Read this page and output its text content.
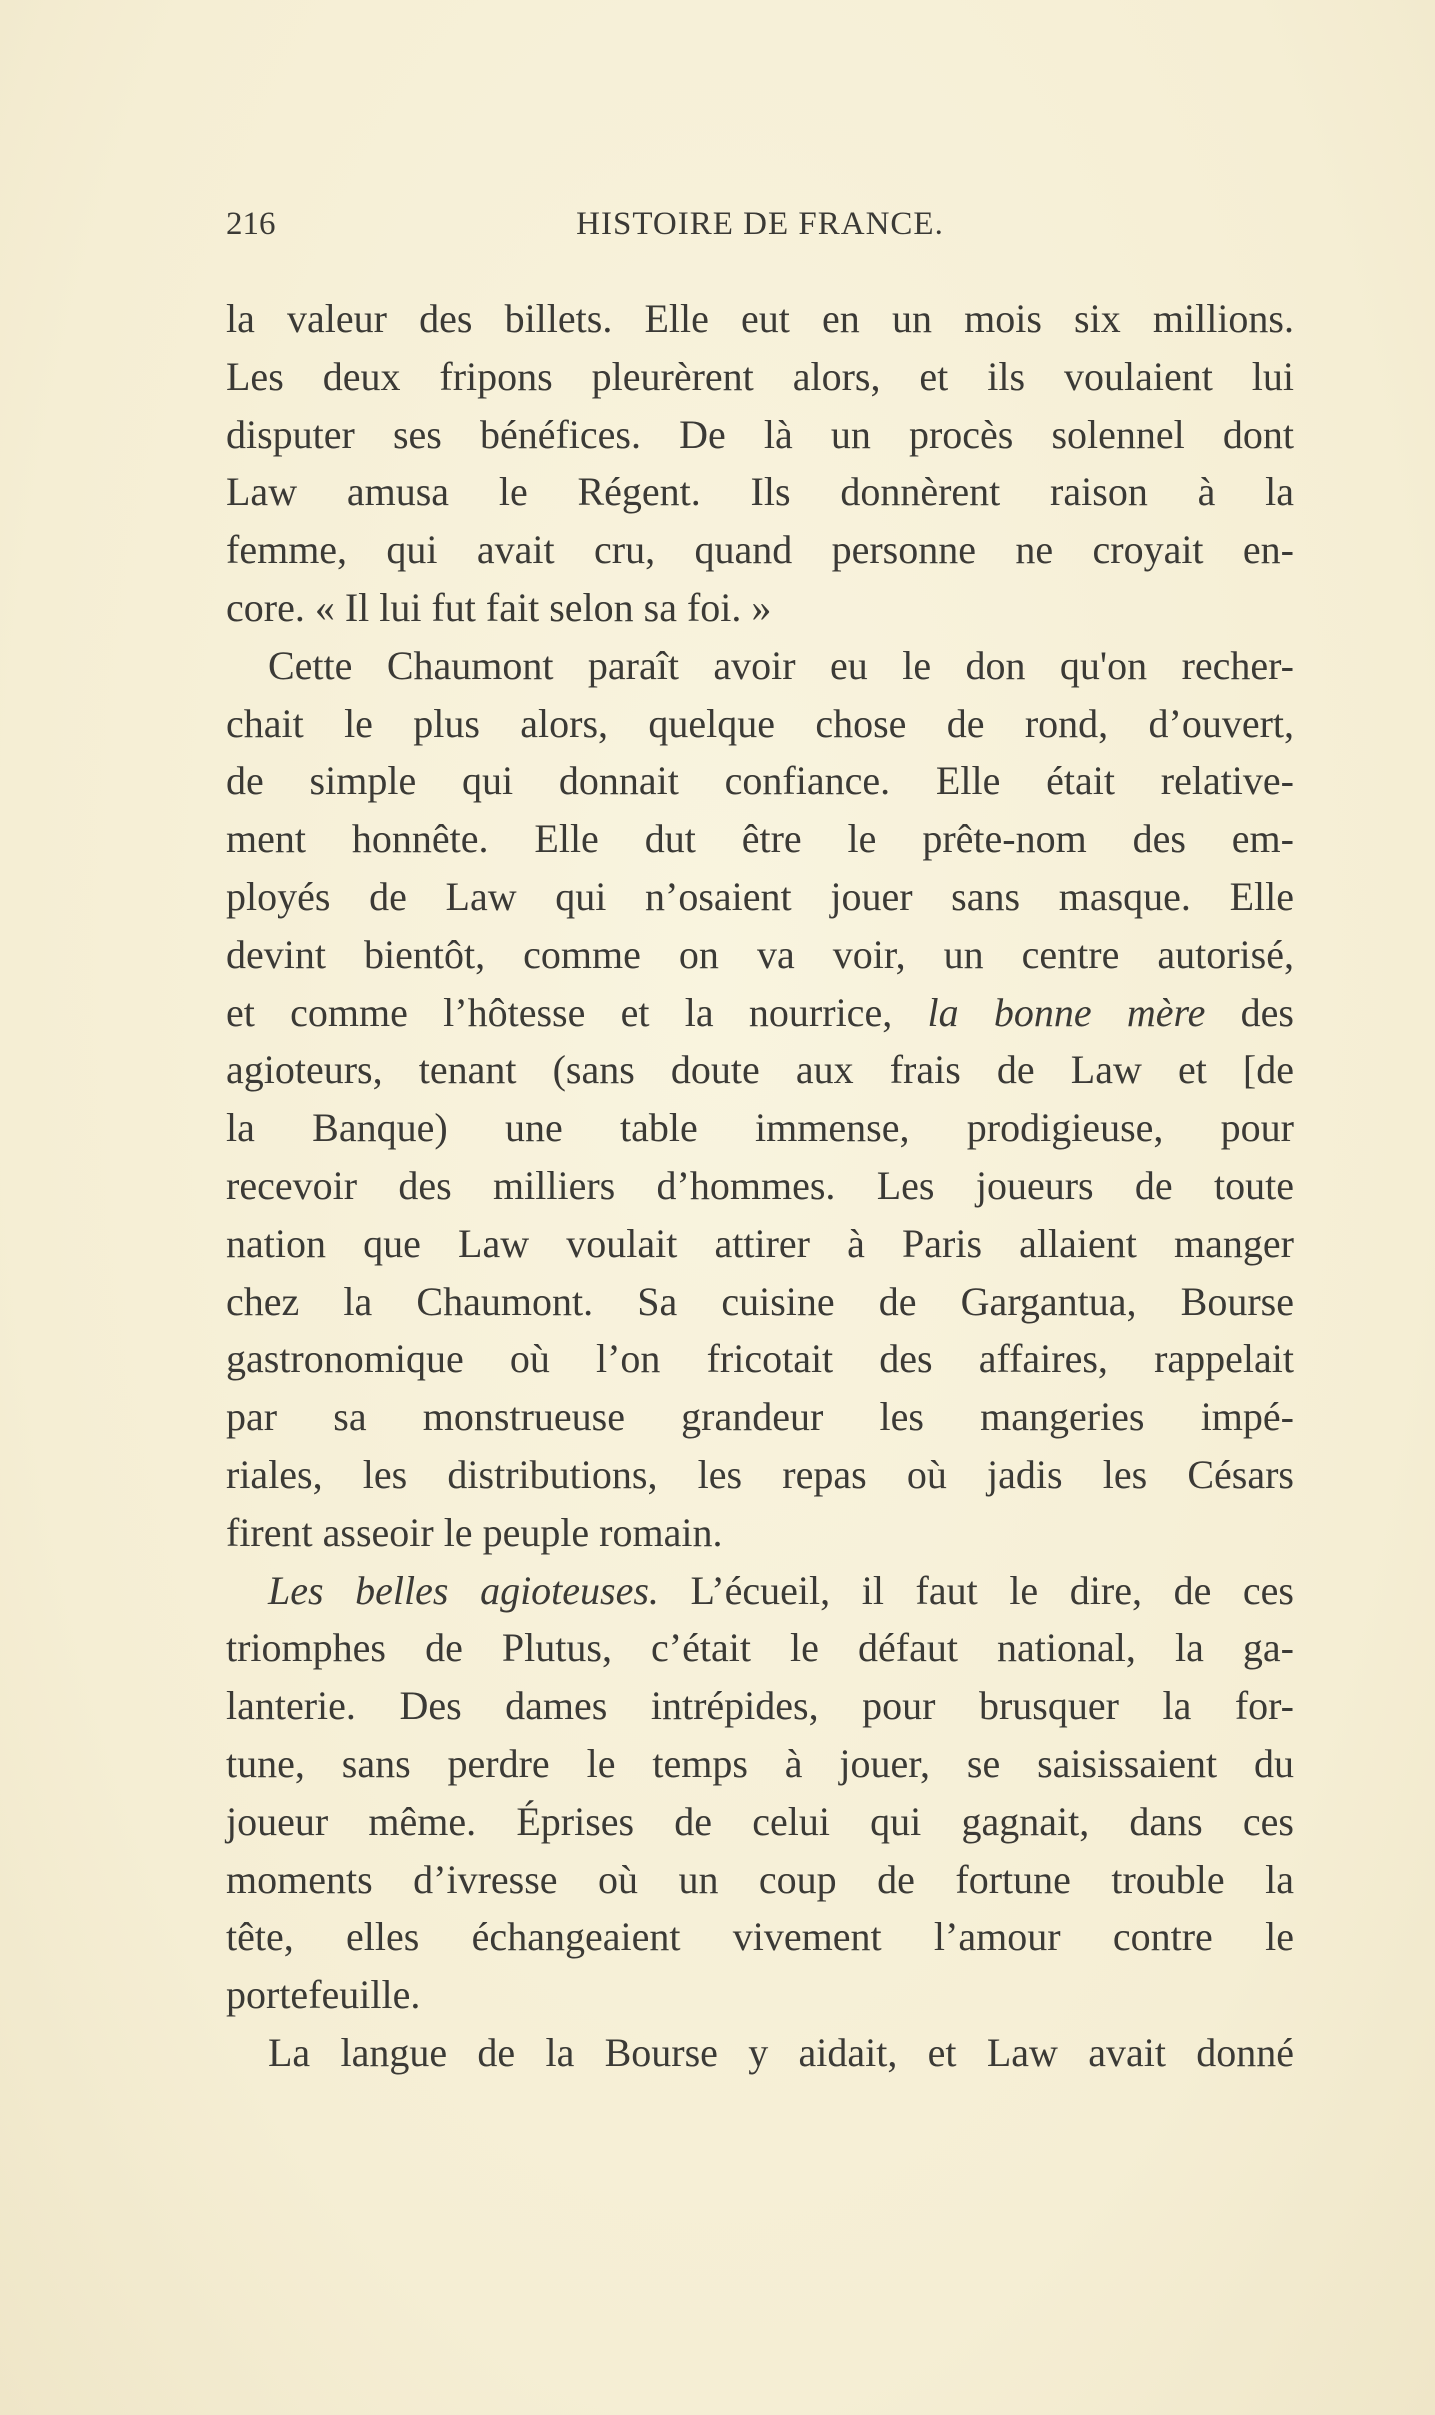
216	HISTOIRE DE FRANCE.
la valeur des billets. Elle eut en un mois six millions.
Les deux fripons pleurèrent alors, et ils voulaient lui
disputer ses bénéfices. De là un procès solennel dont
Law amusa le Régent. Ils donnèrent raison à la
femme, qui avait cru, quand personne ne croyait en-
core. « Il lui fut fait selon sa foi. »
Cette Chaumont paraît avoir eu le don qu'on recher-
chait le plus alors, quelque chose de rond, d’ouvert,
de simple qui donnait confiance. Elle était relative-
ment honnête. Elle dut être le prête-nom des em-
ployés de Law qui n’osaient jouer sans masque. Elle
devint bientôt, comme on va voir, un centre autorisé,
et comme l’hôtesse et la nourrice, la bonne mère des
agioteurs, tenant (sans doute aux frais de Law et [de
la Banque) une table immense, prodigieuse, pour
recevoir des milliers d’hommes. Les joueurs de toute
nation que Law voulait attirer à Paris allaient manger
chez la Chaumont. Sa cuisine de Gargantua, Bourse
gastronomique où l’on fricotait des affaires, rappelait
par sa monstrueuse grandeur les mangeries impé-
riales, les distributions, les repas où jadis les Césars
firent asseoir le peuple romain.
Les belles agioteuses. L’écueil, il faut le dire, de ces
triomphes de Plutus, c’était le défaut national, la ga-
lanterie. Des dames intrépides, pour brusquer la for-
tune, sans perdre le temps à jouer, se saisissaient du
joueur même. Éprises de celui qui gagnait, dans ces
moments d’ivresse où un coup de fortune trouble la
tête, elles échangeaient vivement l’amour contre le
portefeuille.
La langue de la Bourse y aidait, et Law avait donné
